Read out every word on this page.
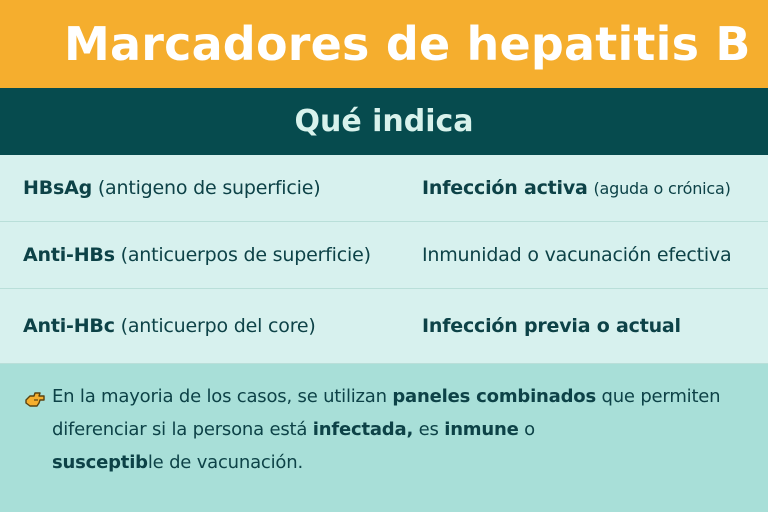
Marcadores de hepatitis B
Qué indica
HBsAg (antigeno de superficie)	Infección activa (aguda o crónica)
Anti-HBs (anticuerpos de superficie)	Inmunidad o vacunación efectiva
Anti-HBc (anticuerpo del core)	Infección previa o actual
En la mayoria de los casos, se utilizan paneles combinados que permiten
diferenciar si la persona está infectada, es inmune o
susceptible de vacunación.
